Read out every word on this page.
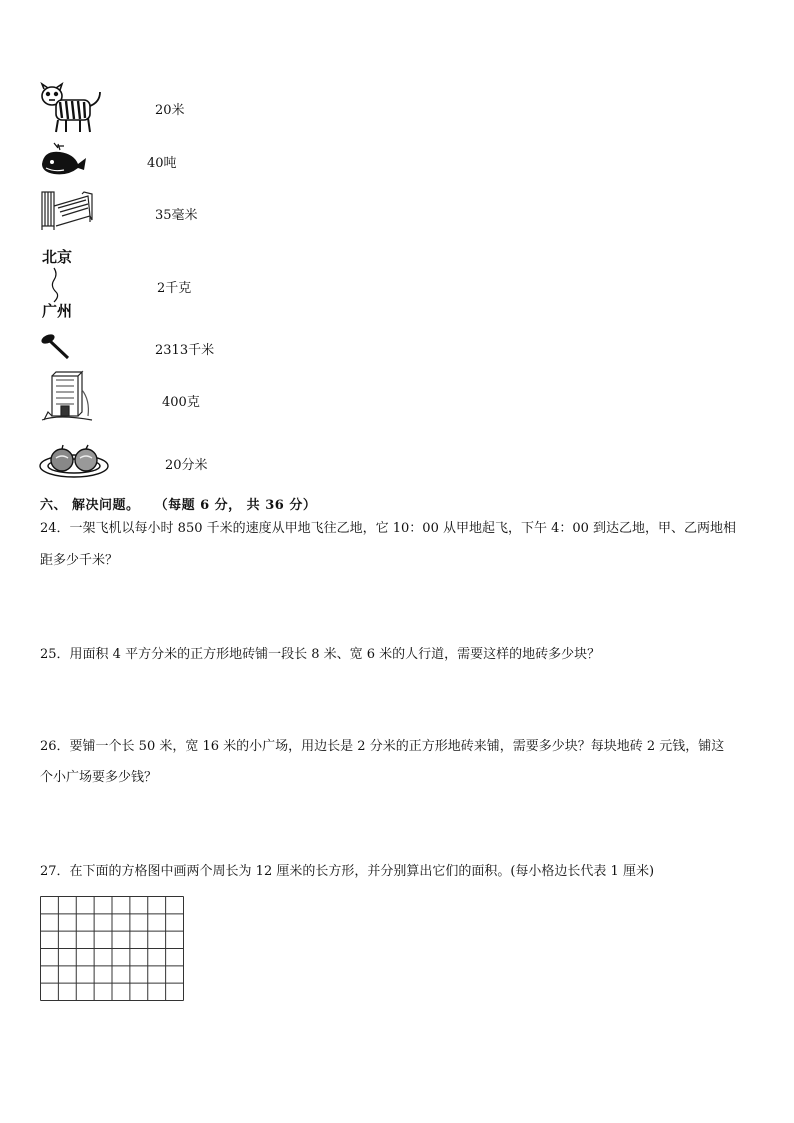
20米
40吨
35毫米
北京
广州
2千克
2313千米
400克
20分米
六、 解决问题。 （每题 6 分， 共 36 分）
24．一架飞机以每小时 850 千米的速度从甲地飞往乙地，它 10：00 从甲地起飞，下午 4：00 到达乙地，甲、乙两地相
距多少千米？
25．用面积 4 平方分米的正方形地砖铺一段长 8 米、宽 6 米的人行道，需要这样的地砖多少块？
26．要铺一个长 50 米，宽 16 米的小广场，用边长是 2 分米的正方形地砖来铺，需要多少块？每块地砖 2 元钱，铺这
个小广场要多少钱？
27．在下面的方格图中画两个周长为 12 厘米的长方形，并分别算出它们的面积。(每小格边长代表 1 厘米)
